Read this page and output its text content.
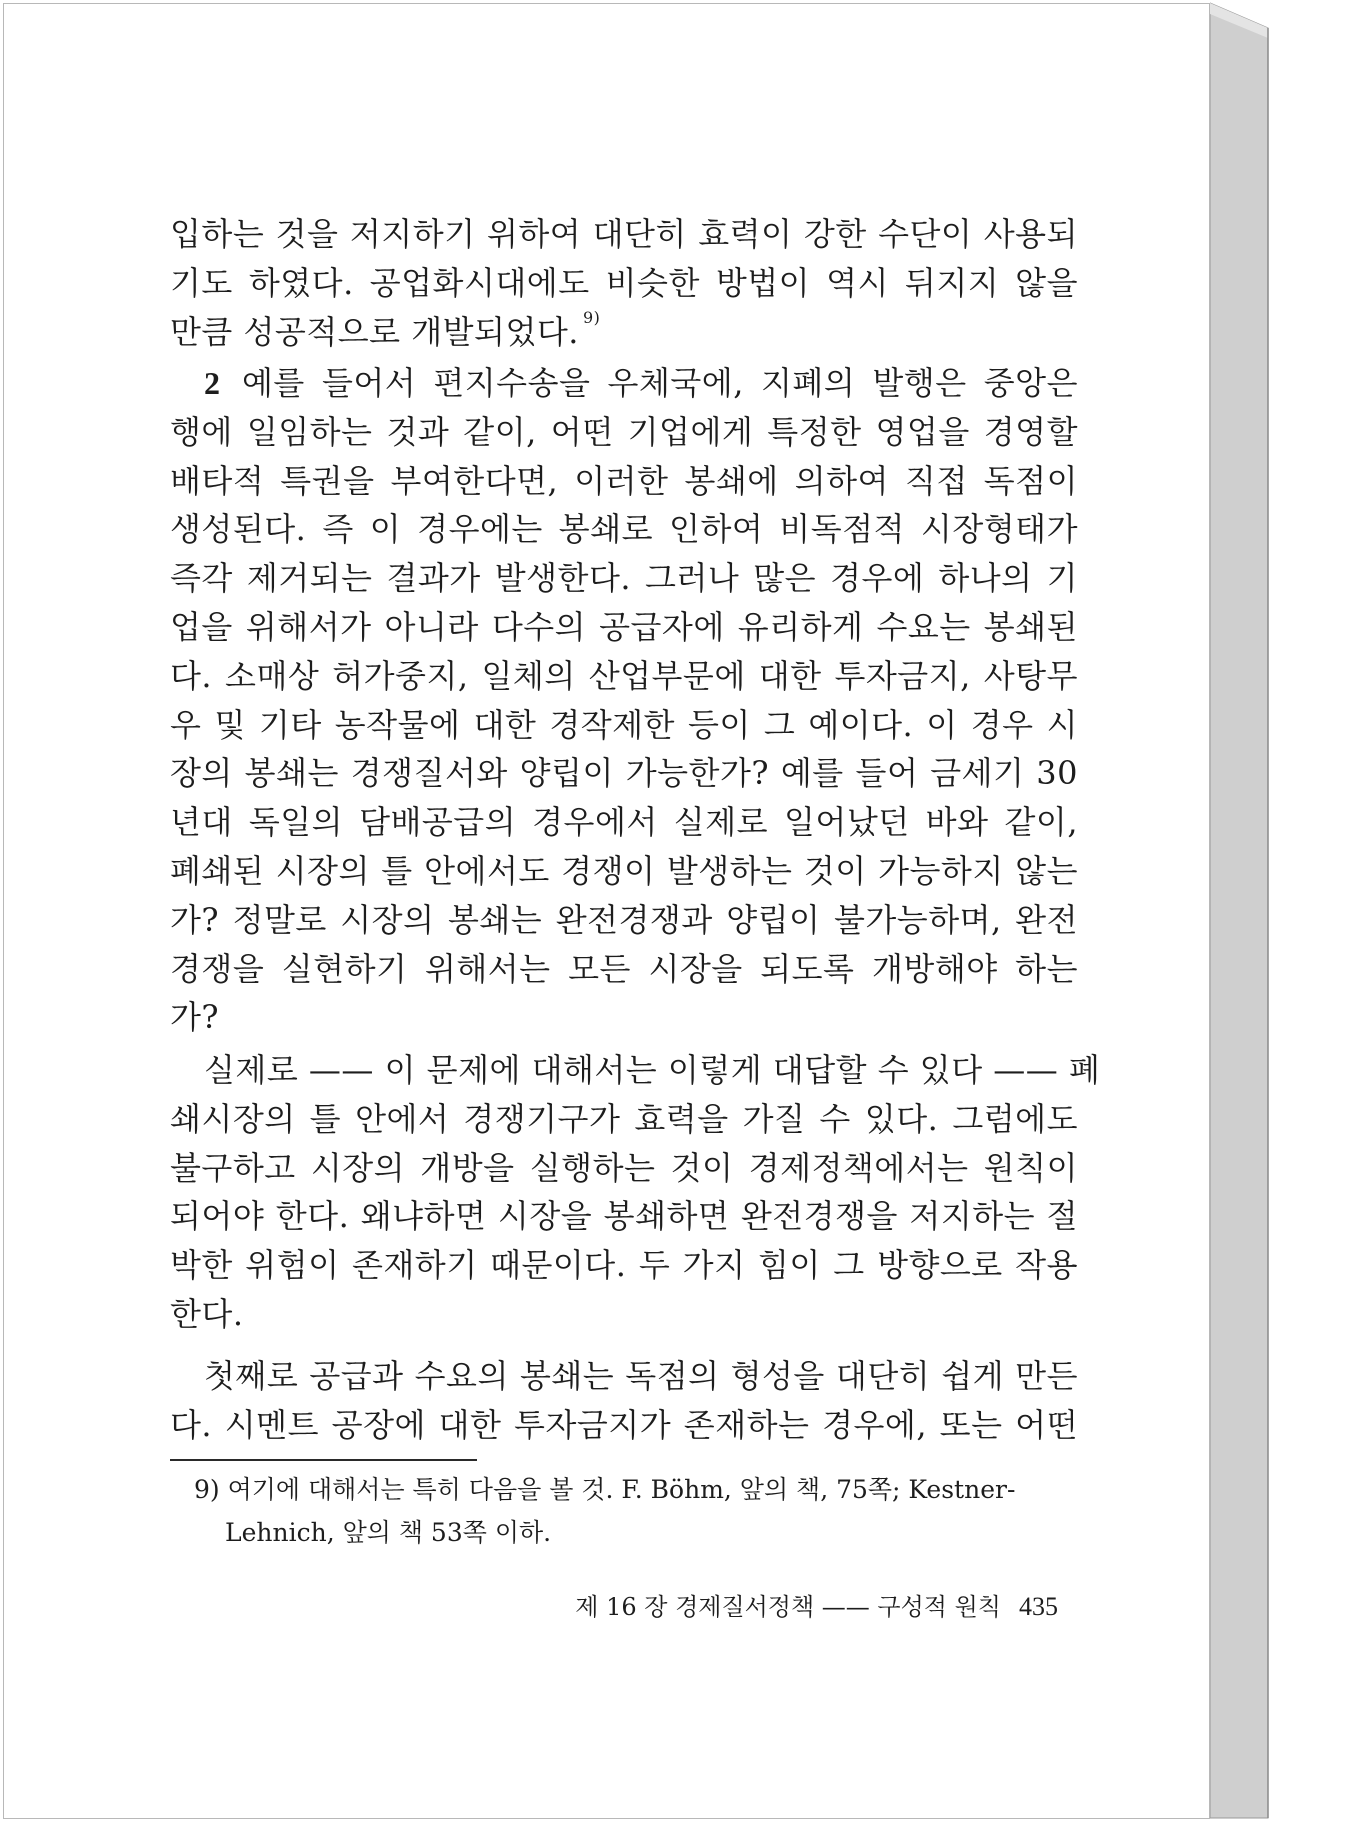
입하는 것을 저지하기 위하여 대단히 효력이 강한 수단이 사용되
기도 하였다. 공업화시대에도 비슷한 방법이 역시 뒤지지 않을
만큼 성공적으로 개발되었다. $^{9)}$
2 예를 들어서 편지수송을 우체국에, 지폐의 발행은 중앙은
행에 일임하는 것과 같이, 어떤 기업에게 특정한 영업을 경영할
배타적 특권을 부여한다면, 이러한 봉쇄에 의하여 직접 독점이
생성된다. 즉 이 경우에는 봉쇄로 인하여 비독점적 시장형태가
즉각 제거되는 결과가 발생한다. 그러나 많은 경우에 하나의 기
업을 위해서가 아니라 다수의 공급자에 유리하게 수요는 봉쇄된
다. 소매상 허가중지, 일체의 산업부문에 대한 투자금지, 사탕무
우 및 기타 농작물에 대한 경작제한 등이 그 예이다. 이 경우 시
장의 봉쇄는 경쟁질서와 양립이 가능한가? 예를 들어 금세기 30
년대 독일의 담배공급의 경우에서 실제로 일어났던 바와 같이,
폐쇄된 시장의 틀 안에서도 경쟁이 발생하는 것이 가능하지 않는
가? 정말로 시장의 봉쇄는 완전경쟁과 양립이 불가능하며, 완전
경쟁을 실현하기 위해서는 모든 시장을 되도록 개방해야 하는
가?
실제로 —— 이 문제에 대해서는 이렇게 대답할 수 있다 —— 폐
쇄시장의 틀 안에서 경쟁기구가 효력을 가질 수 있다. 그럼에도
불구하고 시장의 개방을 실행하는 것이 경제정책에서는 원칙이
되어야 한다. 왜냐하면 시장을 봉쇄하면 완전경쟁을 저지하는 절
박한 위험이 존재하기 때문이다. 두 가지 힘이 그 방향으로 작용
한다.
첫째로 공급과 수요의 봉쇄는 독점의 형성을 대단히 쉽게 만든
다. 시멘트 공장에 대한 투자금지가 존재하는 경우에, 또는 어떤
9) 여기에 대해서는 특히 다음을 볼 것. F. Böhm, 앞의 책, 75쪽; Kestner-
Lehnich, 앞의 책 53쪽 이하.
제 16 장 경제질서정책 —— 구성적 원칙 435
